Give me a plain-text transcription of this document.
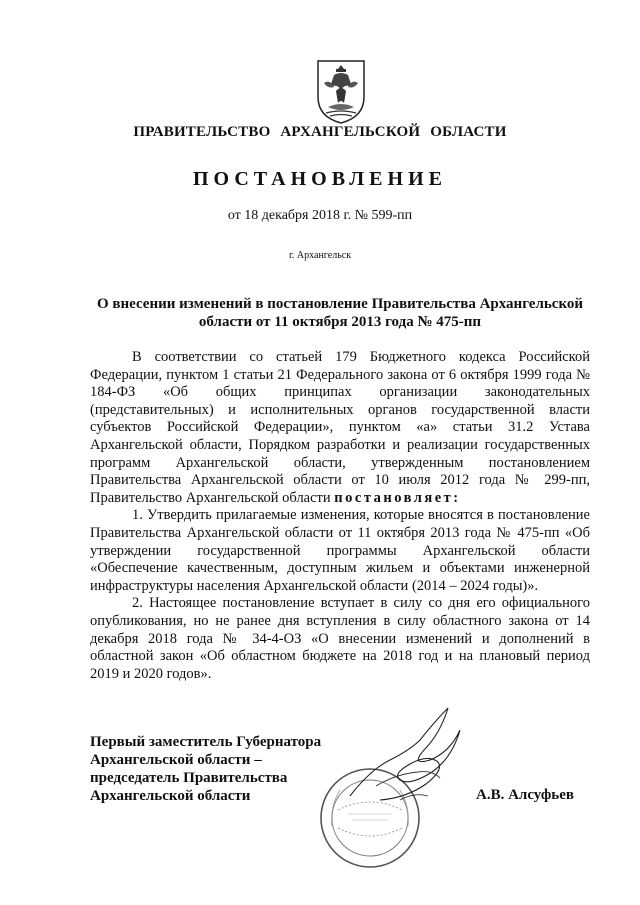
ПРАВИТЕЛЬСТВО АРХАНГЕЛЬСКОЙ ОБЛАСТИ
ПОСТАНОВЛЕНИЕ
от 18 декабря 2018 г. № 599-пп
г. Архангельск
О внесении изменений в постановление Правительства Архангельской
области от 11 октября 2013 года № 475-пп

В соответствии со статьей 179 Бюджетного кодекса Российской Федерации, пунктом 1 статьи 21 Федерального закона от 6 октября 1999 года № 184-ФЗ «Об общих принципах организации законодательных (представительных) и исполнительных органов государственной власти субъектов Российской Федерации», пунктом «а» статьи 31.2 Устава Архангельской области, Порядком разработки и реализации государственных программ Архангельской области, утвержденным постановлением Правительства Архангельской области от 10 июля 2012 года № 299-пп, Правительство Архангельской области постановляет:

1. Утвердить прилагаемые изменения, которые вносятся в постановление Правительства Архангельской области от 11 октября 2013 года № 475-пп «Об утверждении государственной программы Архангельской области «Обеспечение качественным, доступным жильем и объектами инженерной инфраструктуры населения Архангельской области (2014 – 2024 годы)».

2. Настоящее постановление вступает в силу со дня его официального опубликования, но не ранее дня вступления в силу областного закона от 14 декабря 2018 года № 34-4-ОЗ «О внесении изменений и дополнений в областной закон «Об областном бюджете на 2018 год и на плановый период 2019 и 2020 годов».

Первый заместитель Губернатора
Архангельской области –
председатель Правительства
Архангельской области	А.В. Алсуфьев
